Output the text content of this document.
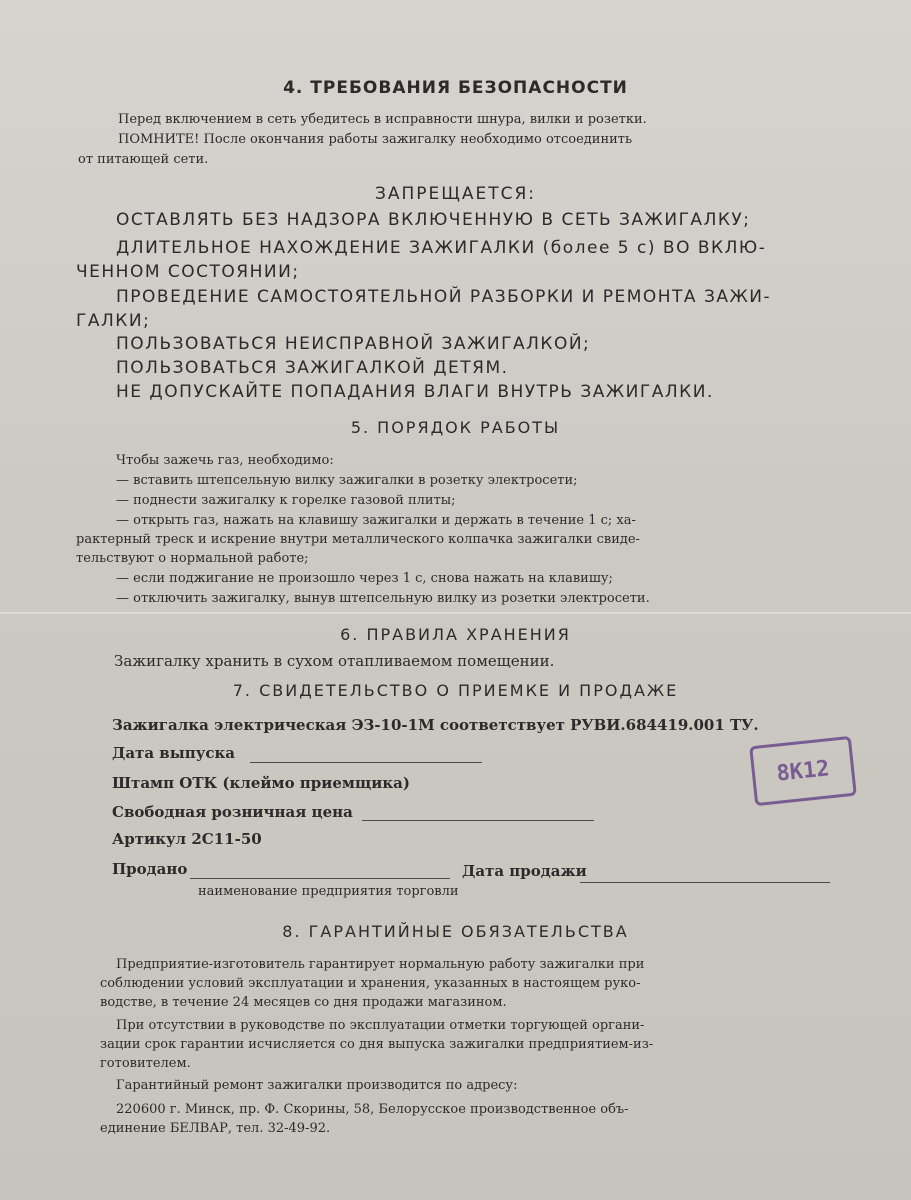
4. ТРЕБОВАНИЯ БЕЗОПАСНОСТИ
Перед включением в сеть убедитесь в исправности шнура, вилки и розетки.
ПОМНИТЕ! После окончания работы зажигалку необходимо отсоединить
от питающей сети.
ЗАПРЕЩАЕТСЯ:
ОСТАВЛЯТЬ БЕЗ НАДЗОРА ВКЛЮЧЕННУЮ В СЕТЬ ЗАЖИГАЛКУ;
ДЛИТЕЛЬНОЕ НАХОЖДЕНИЕ ЗАЖИГАЛКИ (более 5 с) ВО ВКЛЮ-
ЧЕННОМ СОСТОЯНИИ;
ПРОВЕДЕНИЕ САМОСТОЯТЕЛЬНОЙ РАЗБОРКИ И РЕМОНТА ЗАЖИ-
ГАЛКИ;
ПОЛЬЗОВАТЬСЯ НЕИСПРАВНОЙ ЗАЖИГАЛКОЙ;
ПОЛЬЗОВАТЬСЯ ЗАЖИГАЛКОЙ ДЕТЯМ.
НЕ ДОПУСКАЙТЕ ПОПАДАНИЯ ВЛАГИ ВНУТРЬ ЗАЖИГАЛКИ.
5. ПОРЯДОК РАБОТЫ
Чтобы зажечь газ, необходимо:
— вставить штепсельную вилку зажигалки в розетку электросети;
— поднести зажигалку к горелке газовой плиты;
— открыть газ, нажать на клавишу зажигалки и держать в течение 1 с; ха-
рактерный треск и искрение внутри металлического колпачка зажигалки свиде-
тельствуют о нормальной работе;
— если поджигание не произошло через 1 с, снова нажать на клавишу;
— отключить зажигалку, вынув штепсельную вилку из розетки электросети.
6. ПРАВИЛА ХРАНЕНИЯ
Зажигалку хранить в сухом отапливаемом помещении.
7. СВИДЕТЕЛЬСТВО О ПРИЕМКЕ И ПРОДАЖЕ
Зажигалка электрическая ЭЗ-10-1М соответствует РУВИ.684419.001 ТУ.
Дата выпуска
Штамп ОТК (клеймо приемщика)
Свободная розничная цена
Артикул 2С11-50
Продано	Дата продажи
наименование предприятия торговли
8К12
8. ГАРАНТИЙНЫЕ ОБЯЗАТЕЛЬСТВА
Предприятие-изготовитель гарантирует нормальную работу зажигалки при
соблюдении условий эксплуатации и хранения, указанных в настоящем руко-
водстве, в течение 24 месяцев со дня продажи магазином.
При отсутствии в руководстве по эксплуатации отметки торгующей органи-
зации срок гарантии исчисляется со дня выпуска зажигалки предприятием-из-
готовителем.
Гарантийный ремонт зажигалки производится по адресу:
220600 г. Минск, пр. Ф. Скорины, 58, Белорусское производственное объ-
единение БЕЛВАР, тел. 32-49-92.
